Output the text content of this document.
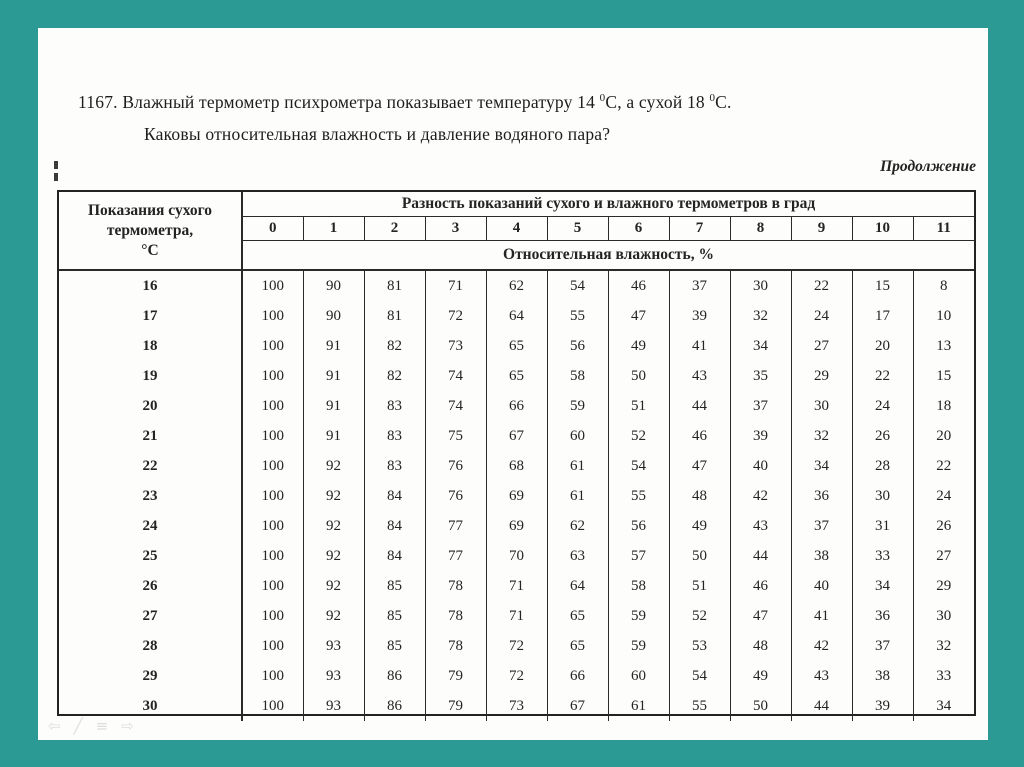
1167. Влажный термометр психрометра показывает температуру 14 $^0$С, а сухой 18 $^0$С.
Каковы относительная влажность и давление водяного пара?
Продолжение
Показания сухого
термометра,
°С	Разность показаний сухого и влажного термометров в град											
	0	1	2	3	4	5	6	7	8	9	10	11
	Относительная влажность, %											
16	100	90	81	71	62	54	46	37	30	22	15	8
17	100	90	81	72	64	55	47	39	32	24	17	10
18	100	91	82	73	65	56	49	41	34	27	20	13
19	100	91	82	74	65	58	50	43	35	29	22	15
20	100	91	83	74	66	59	51	44	37	30	24	18
21	100	91	83	75	67	60	52	46	39	32	26	20
22	100	92	83	76	68	61	54	47	40	34	28	22
23	100	92	84	76	69	61	55	48	42	36	30	24
24	100	92	84	77	69	62	56	49	43	37	31	26
25	100	92	84	77	70	63	57	50	44	38	33	27
26	100	92	85	78	71	64	58	51	46	40	34	29
27	100	92	85	78	71	65	59	52	47	41	36	30
28	100	93	85	78	72	65	59	53	48	42	37	32
29	100	93	86	79	72	66	60	54	49	43	38	33
30	100	93	86	79	73	67	61	55	50	44	39	34
⇦ ╱ ≡ ⇨
